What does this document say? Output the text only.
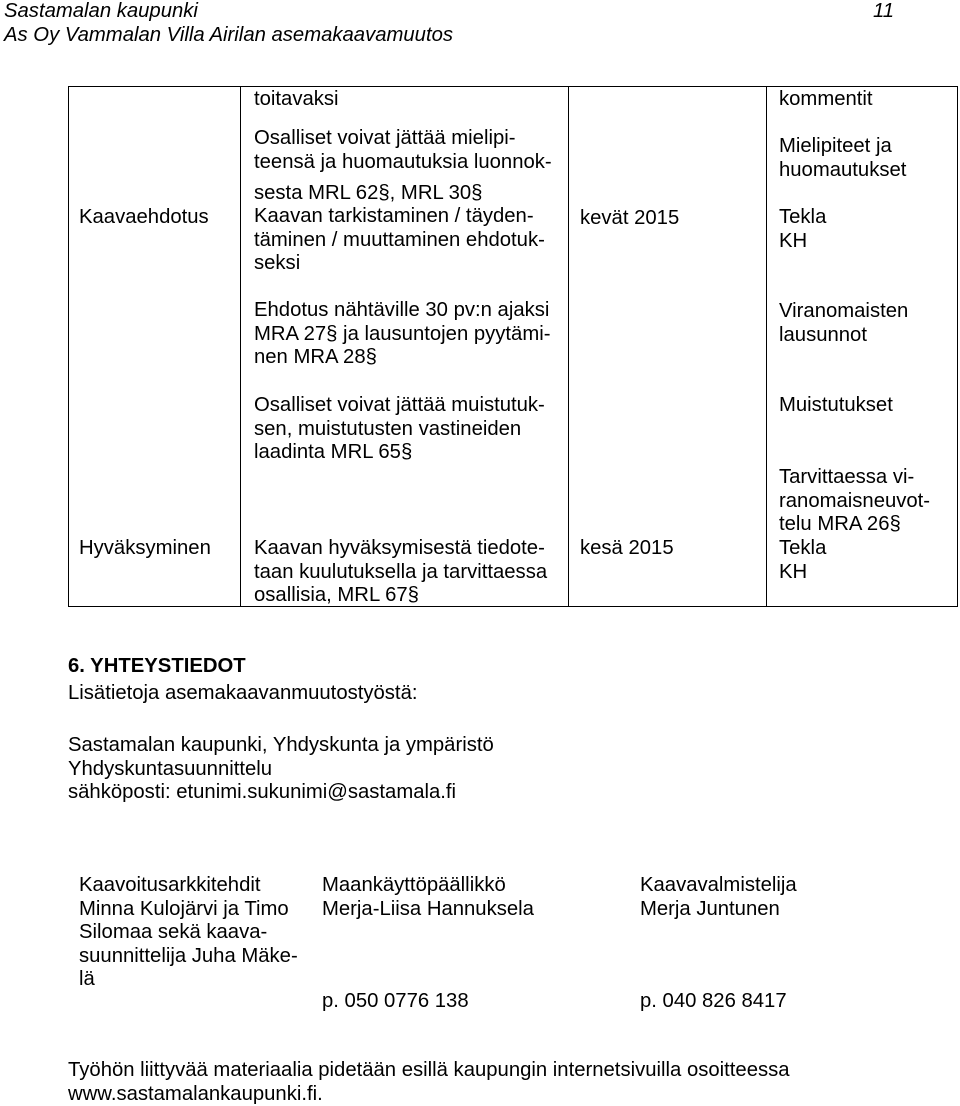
Sastamalan kaupunki	11
As Oy Vammalan Villa Airilan asemakaavamuutos
Kaavaehdotus
Hyväksyminen
toitavaksi
Osalliset voivat jättää mielipi-
teensä ja huomautuksia luonnok-
sesta MRL 62§, MRL 30§
Kaavan tarkistaminen / täyden-
täminen / muuttaminen ehdotuk-
seksi
Ehdotus nähtäville 30 pv:n ajaksi
MRA 27§ ja lausuntojen pyytämi-
nen MRA 28§
Osalliset voivat jättää muistutuk-
sen, muistutusten vastineiden
laadinta MRL 65§
Kaavan hyväksymisestä tiedote-
taan kuulutuksella ja tarvittaessa
osallisia, MRL 67§
kevät 2015
kesä 2015
kommentit
Mielipiteet ja
huomautukset
Tekla
KH
Viranomaisten
lausunnot
Muistutukset
Tarvittaessa vi-
ranomaisneuvot-
telu MRA 26§
Tekla
KH
6. YHTEYSTIEDOT
Lisätietoja asemakaavanmuutostyöstä:
Sastamalan kaupunki, Yhdyskunta ja ympäristö
Yhdyskuntasuunnittelu
sähköposti: etunimi.sukunimi@sastamala.fi
Kaavoitusarkkitehdit
Minna Kulojärvi ja Timo
Silomaa sekä kaava-
suunnittelija Juha Mäke-
lä
Maankäyttöpäällikkö
Merja-Liisa Hannuksela
p. 050 0776 138
Kaavavalmistelija
Merja Juntunen
p. 040 826 8417
Työhön liittyvää materiaalia pidetään esillä kaupungin internetsivuilla osoitteessa
www.sastamalankaupunki.fi.
